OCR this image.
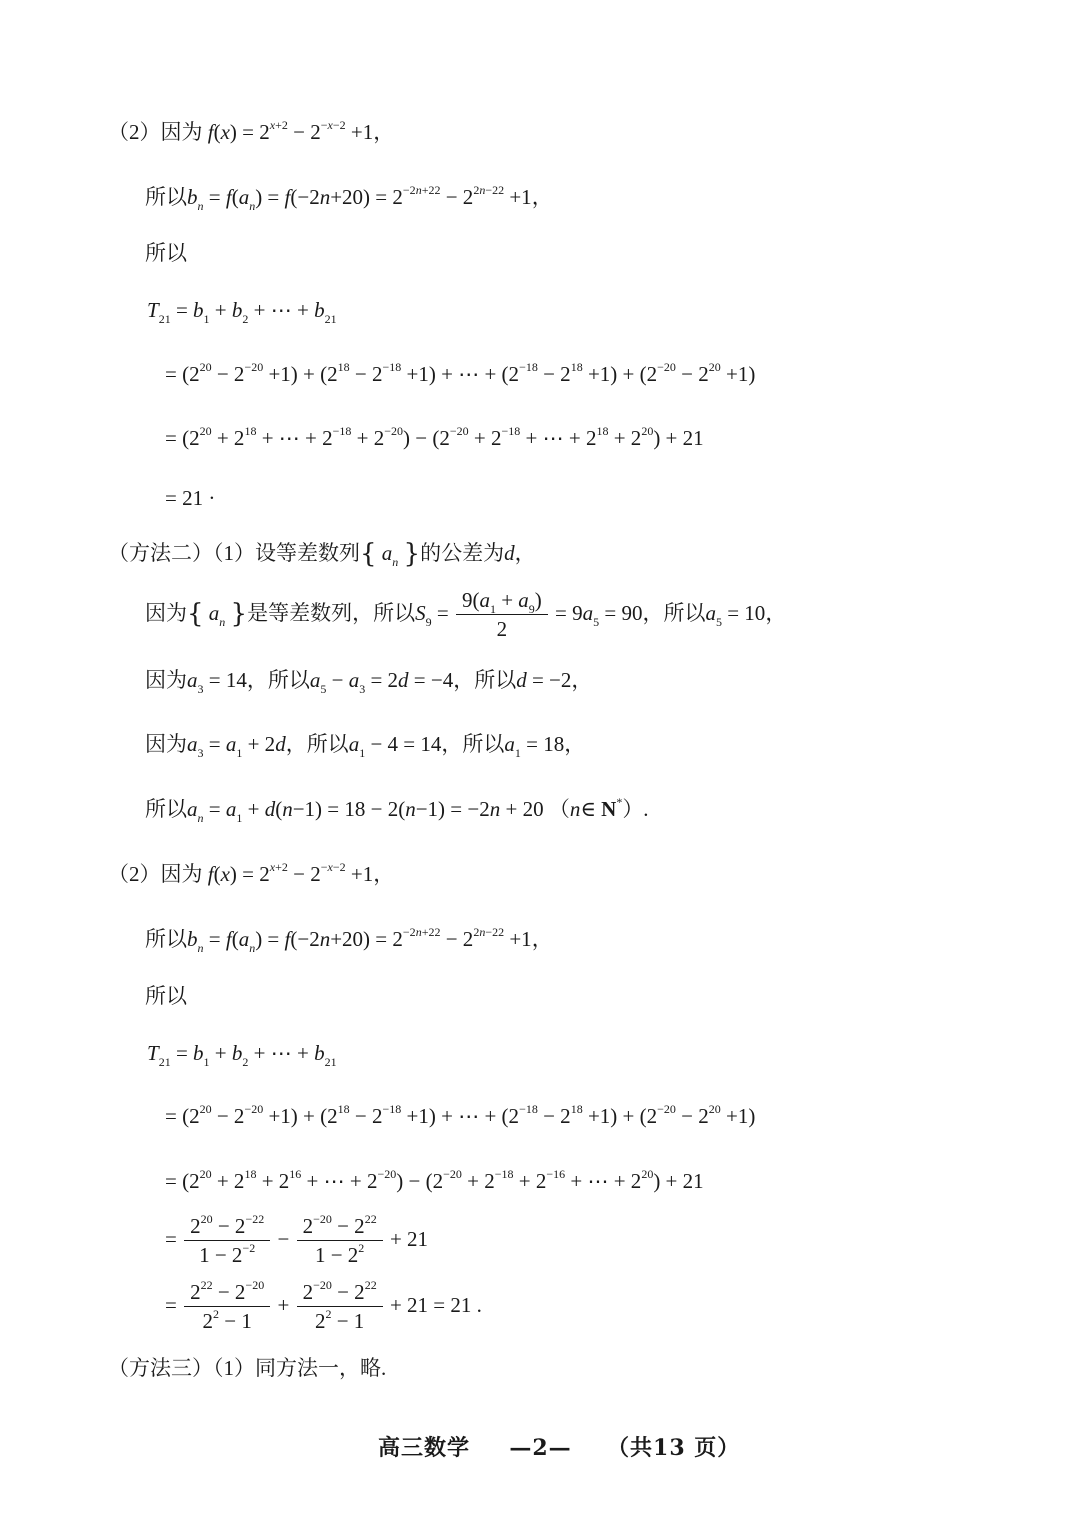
（2）因为 $f(x) = 2^{x+2} - 2^{-x-2} +1$，
所以$b_n = f(a_n) = f(-2n+20) = 2^{-2n+22} - 2^{2n-22} +1$，
所以
$T_{21} = b_1 + b_2$ + ⋯ + $b_{21}$
= $(2^{20} - 2^{-20} +1) + (2^{18} - 2^{-18} +1)$ + ⋯ + $(2^{-18} - 2^{18} +1) + (2^{-20} - 2^{20} +1)$
= ($2^{20} + 2^{18}$ + ⋯ + $2^{-18} + 2^{-20}) - (2^{-20} + 2^{-18}$ + ⋯ + $2^{18} + 2^{20}) + 21$
= 21 ·
（方法二）（1）设等差数列{ $a_n$ }的公差为d，
因为{ $a_n$ }是等差数列，所以$S_9 = \frac{9(a_1 + a_9)}{2} = 9a_5 = 90$，所以$a_5 = 10$，
因为$a_3 = 14$，所以$a_5 - a_3 = 2d = -4$，所以d = −2，
因为$a_3 = a_1 + 2d$，所以$a_1 - 4 = 14$，所以$a_1 = 18$，
所以$a_n = a_1 + d(n-1) = 18 - 2(n-1) = -2n + 20$ （n∈ N*）.
（2）因为 $f(x) = 2^{x+2} - 2^{-x-2} +1$，
所以$b_n = f(a_n) = f(-2n+20) = 2^{-2n+22} - 2^{2n-22} +1$，
所以
$T_{21} = b_1 + b_2$ + ⋯ + $b_{21}$
= $(2^{20} - 2^{-20} +1) + (2^{18} - 2^{-18} +1)$ + ⋯ + $(2^{-18} - 2^{18} +1) + (2^{-20} - 2^{20} +1)$
= ($2^{20} + 2^{18} + 2^{16}$ + ⋯ + $2^{-20}) - (2^{-20} + 2^{-18} + 2^{-16}$ + ⋯ + $2^{20}) + 21$
= $\frac{2^{20} - 2^{-22}}{1 - 2^{-2}} - \frac{2^{-20} - 2^{22}}{1 - 2^2} + 21$
= $\frac{2^{22} - 2^{-20}}{2^2 - 1} + \frac{2^{-20} - 2^{22}}{2^2 - 1} + 21 = 21$ .
（方法三）（1）同方法一，略.
高三数学 —2— （共13 页）
